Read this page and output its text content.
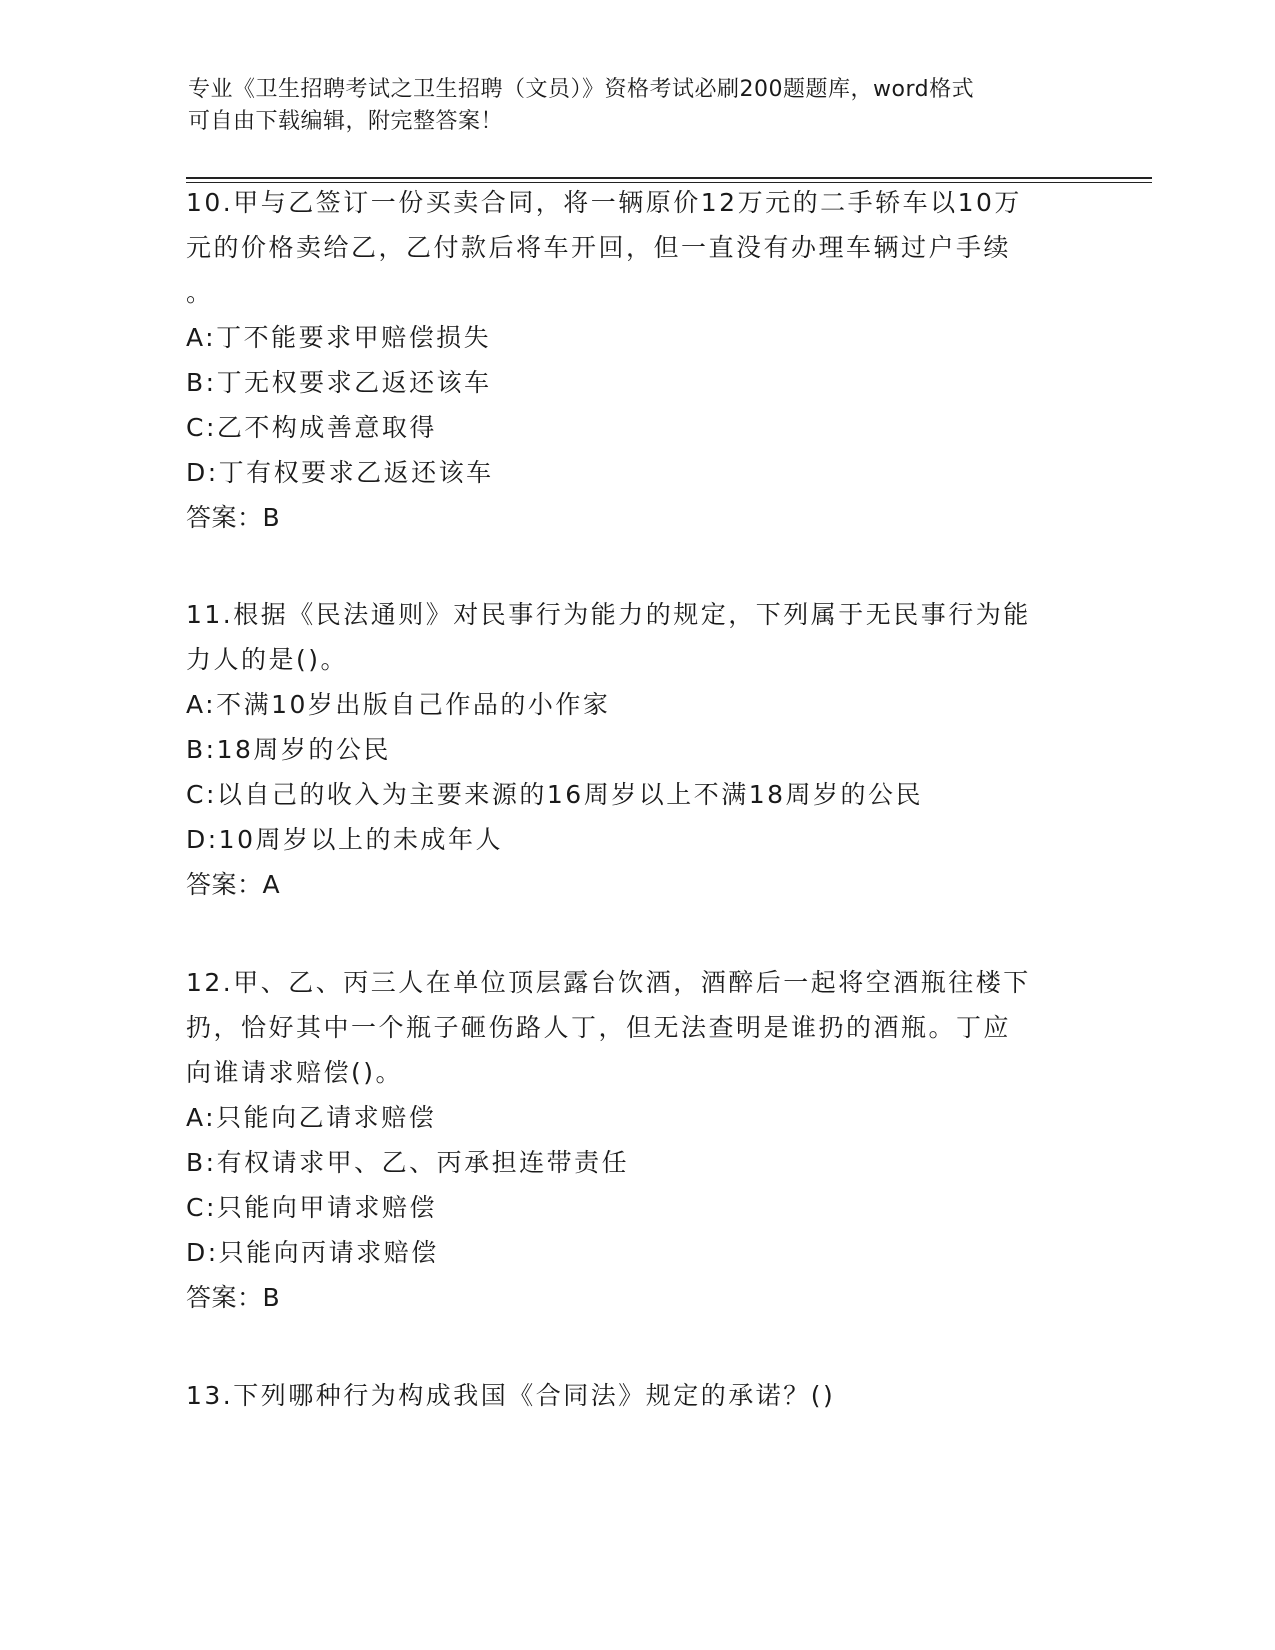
专业《卫生招聘考试之卫生招聘（文员）》资格考试必刷200题题库，word格式
可自由下载编辑，附完整答案！
10.甲与乙签订一份买卖合同，将一辆原价12万元的二手轿车以10万
元的价格卖给乙，乙付款后将车开回，但一直没有办理车辆过户手续
。
A:丁不能要求甲赔偿损失
B:丁无权要求乙返还该车
C:乙不构成善意取得
D:丁有权要求乙返还该车
答案：B
11.根据《民法通则》对民事行为能力的规定，下列属于无民事行为能
力人的是()。
A:不满10岁出版自己作品的小作家
B:18周岁的公民
C:以自己的收入为主要来源的16周岁以上不满18周岁的公民
D:10周岁以上的未成年人
答案：A
12.甲、乙、丙三人在单位顶层露台饮酒，酒醉后一起将空酒瓶往楼下
扔，恰好其中一个瓶子砸伤路人丁，但无法查明是谁扔的酒瓶。丁应
向谁请求赔偿()。
A:只能向乙请求赔偿
B:有权请求甲、乙、丙承担连带责任
C:只能向甲请求赔偿
D:只能向丙请求赔偿
答案：B
13.下列哪种行为构成我国《合同法》规定的承诺？()
